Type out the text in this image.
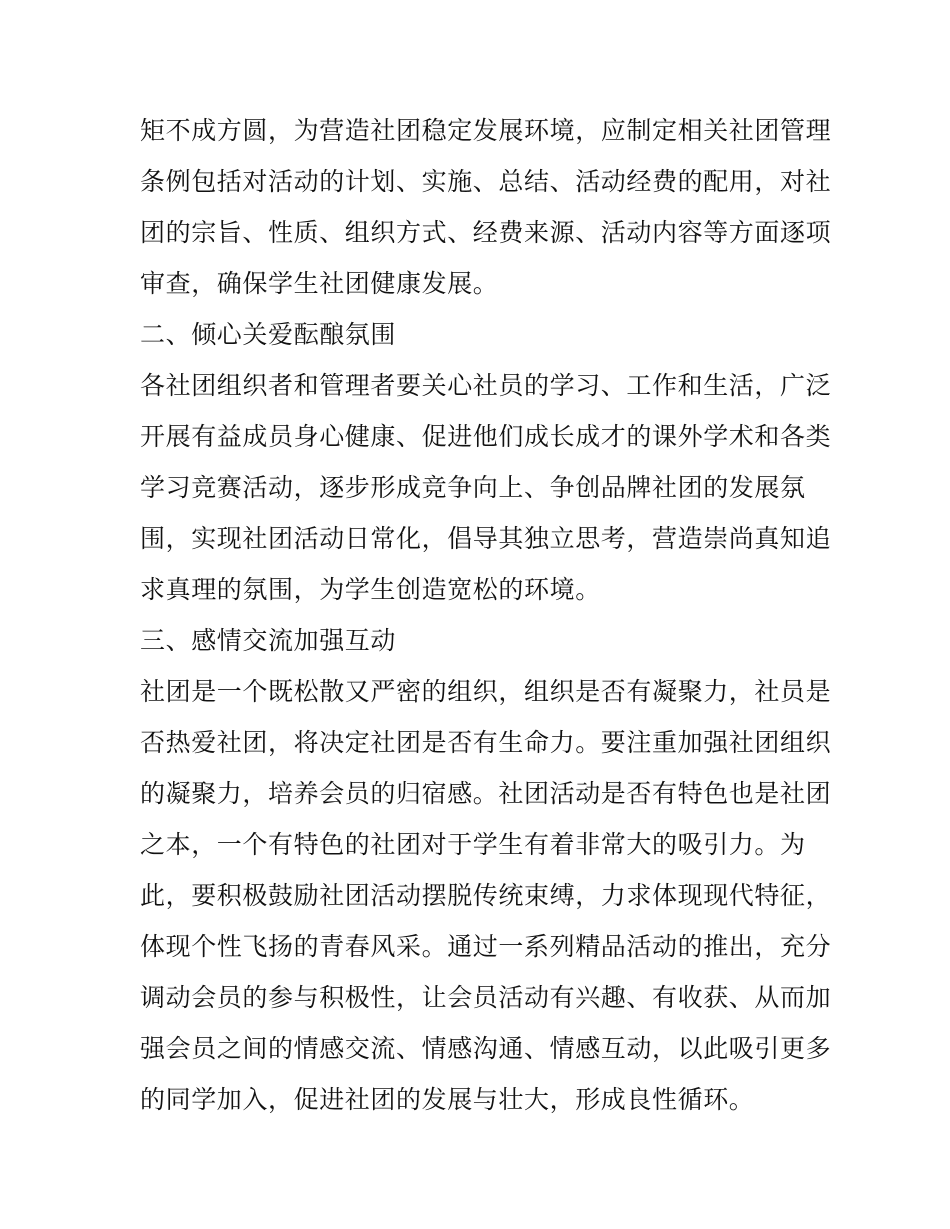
矩不成方圆，为营造社团稳定发展环境，应制定相关社团管理
条例包括对活动的计划、实施、总结、活动经费的配用，对社
团的宗旨、性质、组织方式、经费来源、活动内容等方面逐项
审查，确保学生社团健康发展。
二、倾心关爱酝酿氛围
各社团组织者和管理者要关心社员的学习、工作和生活，广泛
开展有益成员身心健康、促进他们成长成才的课外学术和各类
学习竞赛活动，逐步形成竞争向上、争创品牌社团的发展氛
围，实现社团活动日常化，倡导其独立思考，营造崇尚真知追
求真理的氛围，为学生创造宽松的环境。
三、感情交流加强互动
社团是一个既松散又严密的组织，组织是否有凝聚力，社员是
否热爱社团，将决定社团是否有生命力。要注重加强社团组织
的凝聚力，培养会员的归宿感。社团活动是否有特色也是社团
之本，一个有特色的社团对于学生有着非常大的吸引力。为
此，要积极鼓励社团活动摆脱传统束缚，力求体现现代特征，
体现个性飞扬的青春风采。通过一系列精品活动的推出，充分
调动会员的参与积极性，让会员活动有兴趣、有收获、从而加
强会员之间的情感交流、情感沟通、情感互动，以此吸引更多
的同学加入，促进社团的发展与壮大，形成良性循环。
